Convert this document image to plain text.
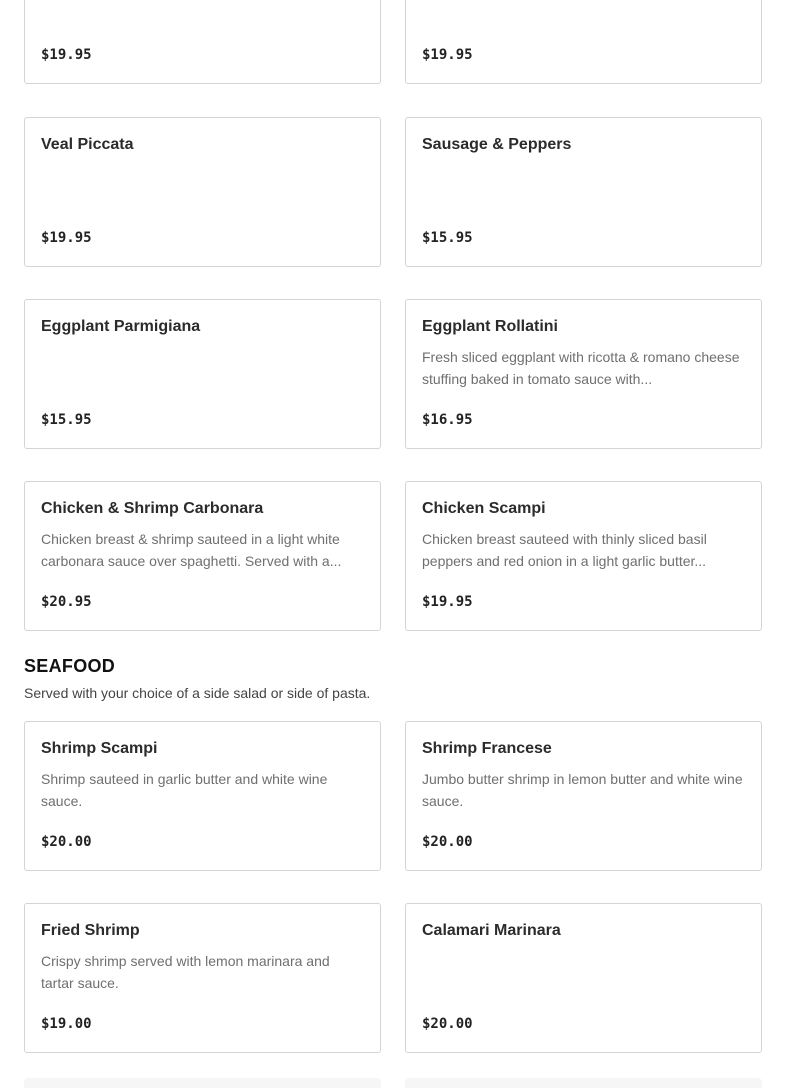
$19.95	$19.95
Veal Piccata
$19.95
Sausage & Peppers
$15.95
Eggplant Parmigiana
$15.95
Eggplant Rollatini
Fresh sliced eggplant with ricotta & romano cheese stuffing baked in tomato sauce with...
$16.95
Chicken & Shrimp Carbonara
Chicken breast & shrimp sauteed in a light white carbonara sauce over spaghetti. Served with a...
$20.95
Chicken Scampi
Chicken breast sauteed with thinly sliced basil peppers and red onion in a light garlic butter...
$19.95
SEAFOOD
Served with your choice of a side salad or side of pasta.
Shrimp Scampi
Shrimp sauteed in garlic butter and white wine sauce.
$20.00
Shrimp Francese
Jumbo butter shrimp in lemon butter and white wine sauce.
$20.00
Fried Shrimp
Crispy shrimp served with lemon marinara and tartar sauce.
$19.00
Calamari Marinara
$20.00
